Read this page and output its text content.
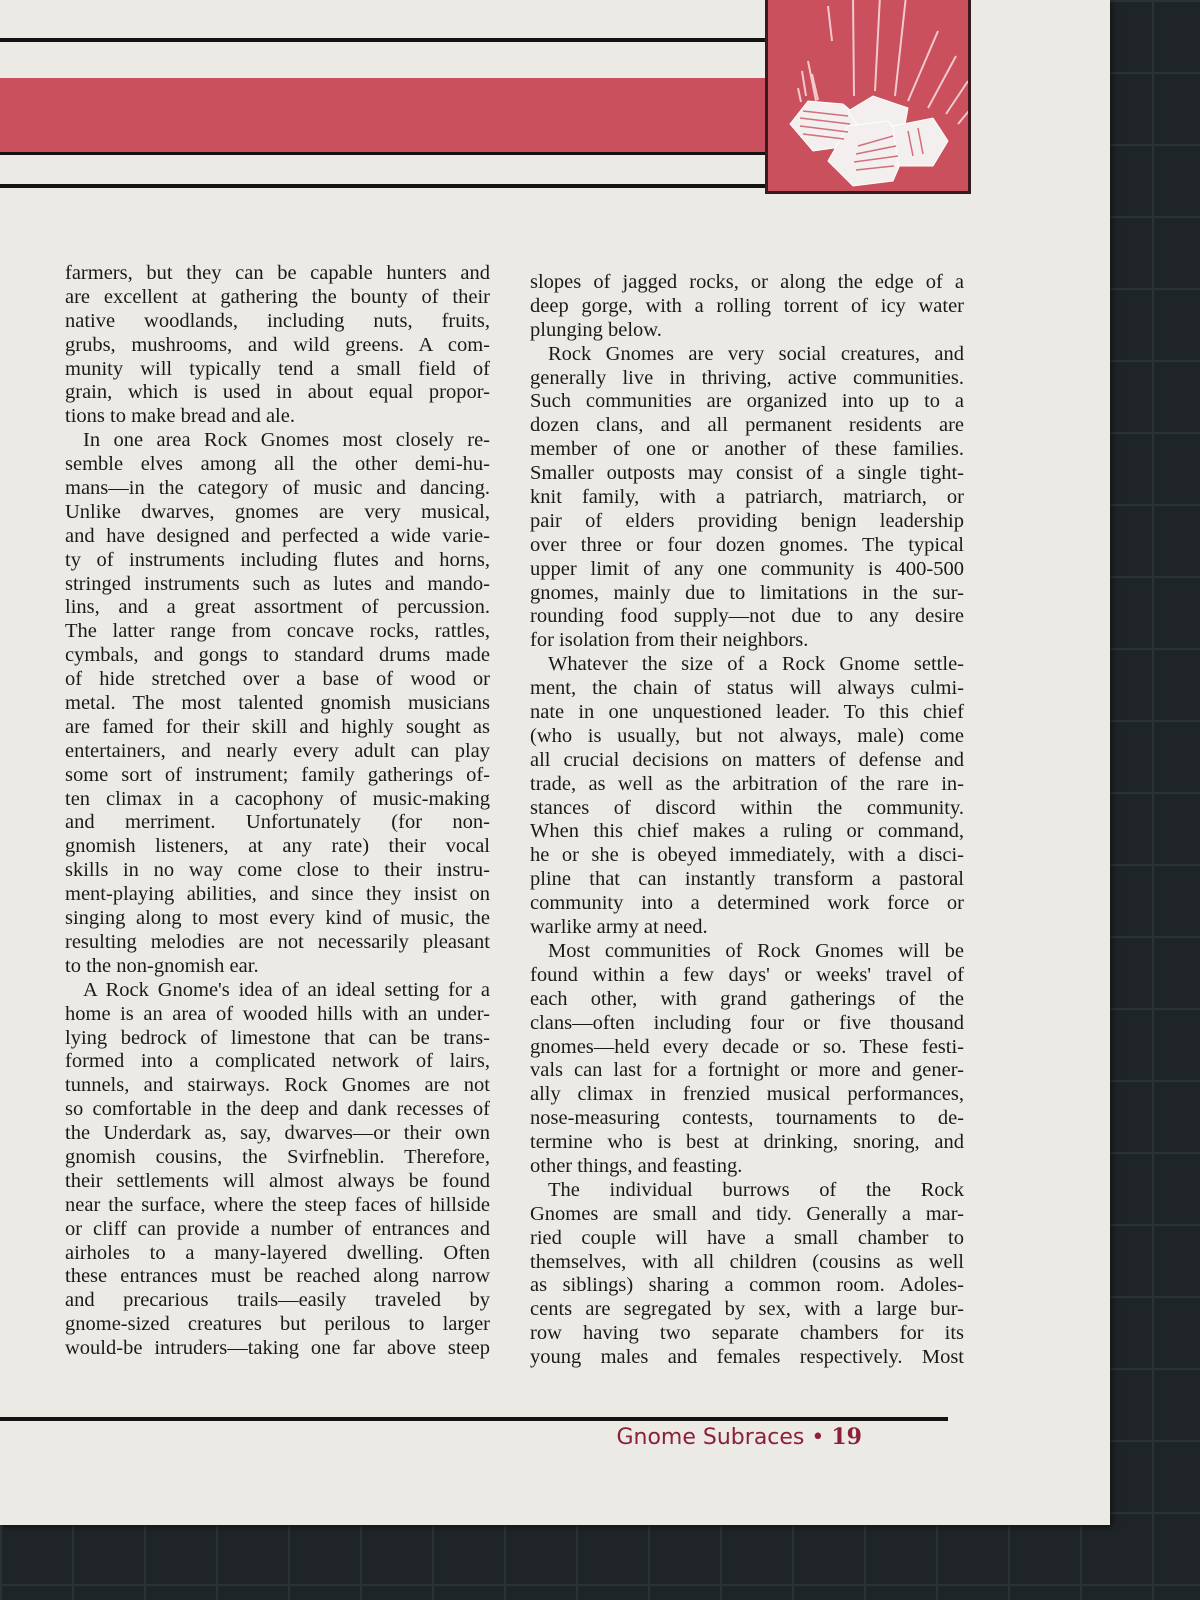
farmers, but they can be capable hunters and
are excellent at gathering the bounty of their
native woodlands, including nuts, fruits,
grubs, mushrooms, and wild greens. A com-
munity will typically tend a small field of
grain, which is used in about equal propor-
tions to make bread and ale.
In one area Rock Gnomes most closely re-
semble elves among all the other demi-hu-
mans—in the category of music and dancing.
Unlike dwarves, gnomes are very musical,
and have designed and perfected a wide varie-
ty of instruments including flutes and horns,
stringed instruments such as lutes and mando-
lins, and a great assortment of percussion.
The latter range from concave rocks, rattles,
cymbals, and gongs to standard drums made
of hide stretched over a base of wood or
metal. The most talented gnomish musicians
are famed for their skill and highly sought as
entertainers, and nearly every adult can play
some sort of instrument; family gatherings of-
ten climax in a cacophony of music-making
and merriment. Unfortunately (for non-
gnomish listeners, at any rate) their vocal
skills in no way come close to their instru-
ment-playing abilities, and since they insist on
singing along to most every kind of music, the
resulting melodies are not necessarily pleasant
to the non-gnomish ear.
A Rock Gnome's idea of an ideal setting for a
home is an area of wooded hills with an under-
lying bedrock of limestone that can be trans-
formed into a complicated network of lairs,
tunnels, and stairways. Rock Gnomes are not
so comfortable in the deep and dank recesses of
the Underdark as, say, dwarves—or their own
gnomish cousins, the Svirfneblin. Therefore,
their settlements will almost always be found
near the surface, where the steep faces of hillside
or cliff can provide a number of entrances and
airholes to a many-layered dwelling. Often
these entrances must be reached along narrow
and precarious trails—easily traveled by
gnome-sized creatures but perilous to larger
would-be intruders—taking one far above steep
slopes of jagged rocks, or along the edge of a
deep gorge, with a rolling torrent of icy water
plunging below.
Rock Gnomes are very social creatures, and
generally live in thriving, active communities.
Such communities are organized into up to a
dozen clans, and all permanent residents are
member of one or another of these families.
Smaller outposts may consist of a single tight-
knit family, with a patriarch, matriarch, or
pair of elders providing benign leadership
over three or four dozen gnomes. The typical
upper limit of any one community is 400-500
gnomes, mainly due to limitations in the sur-
rounding food supply—not due to any desire
for isolation from their neighbors.
Whatever the size of a Rock Gnome settle-
ment, the chain of status will always culmi-
nate in one unquestioned leader. To this chief
(who is usually, but not always, male) come
all crucial decisions on matters of defense and
trade, as well as the arbitration of the rare in-
stances of discord within the community.
When this chief makes a ruling or command,
he or she is obeyed immediately, with a disci-
pline that can instantly transform a pastoral
community into a determined work force or
warlike army at need.
Most communities of Rock Gnomes will be
found within a few days' or weeks' travel of
each other, with grand gatherings of the
clans—often including four or five thousand
gnomes—held every decade or so. These festi-
vals can last for a fortnight or more and gener-
ally climax in frenzied musical performances,
nose-measuring contests, tournaments to de-
termine who is best at drinking, snoring, and
other things, and feasting.
The individual burrows of the Rock
Gnomes are small and tidy. Generally a mar-
ried couple will have a small chamber to
themselves, with all children (cousins as well
as siblings) sharing a common room. Adoles-
cents are segregated by sex, with a large bur-
row having two separate chambers for its
young males and females respectively. Most
Gnome Subraces • 19
